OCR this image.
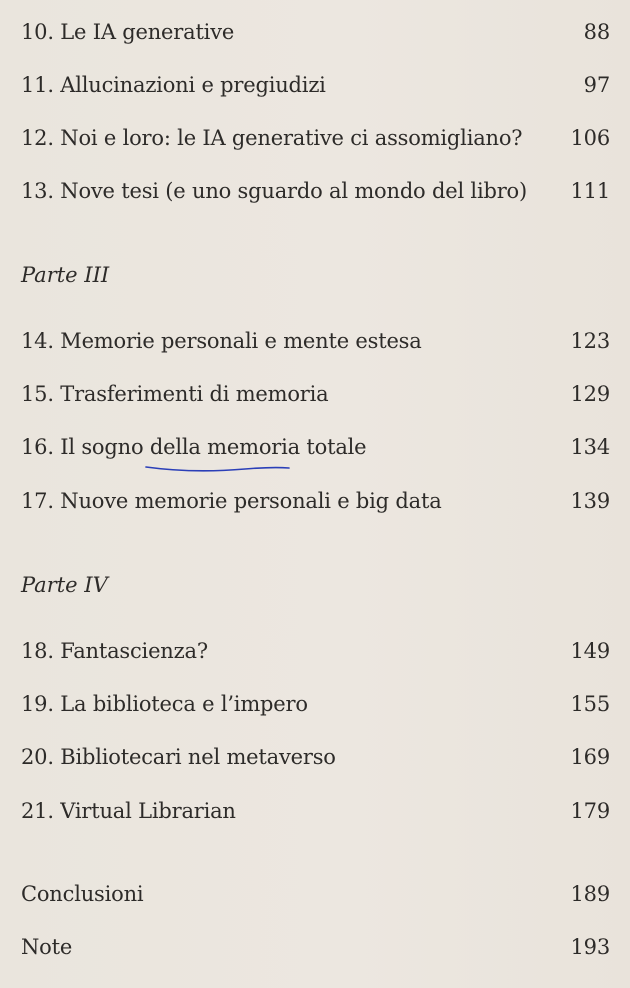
10. Le IA generative	88
11. Allucinazioni e pregiudizi	97
12. Noi e loro: le IA generative ci assomigliano? 106
13. Nove tesi (e uno sguardo al mondo del libro) 111
Parte III
14. Memorie personali e mente estesa	123
15. Trasferimenti di memoria	129
16. Il sogno della memoria totale	134
17. Nuove memorie personali e big data	139
Parte IV
18. Fantascienza?	149
19. La biblioteca e l’impero	155
20. Bibliotecari nel metaverso	169
21. Virtual Librarian	179
Conclusioni	189
Note	193
